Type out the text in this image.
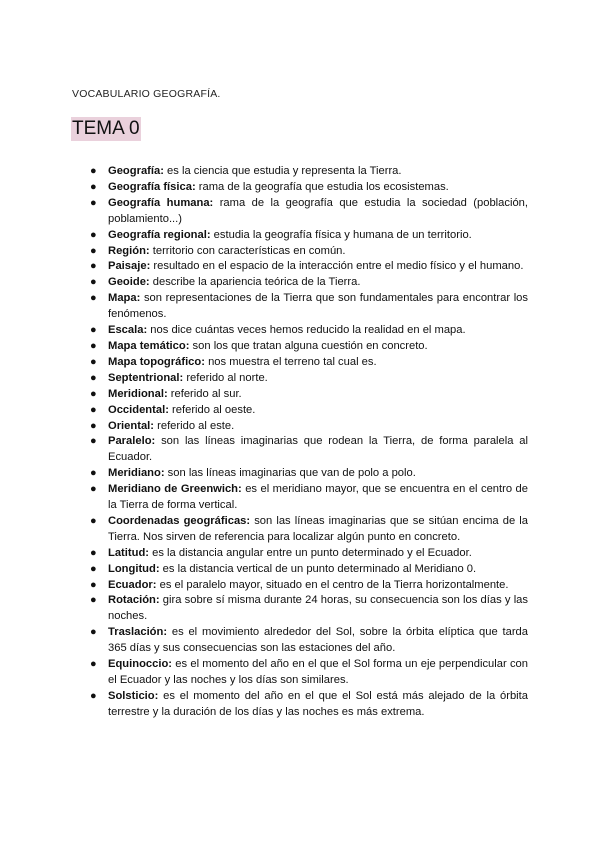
VOCABULARIO GEOGRAFÍA.
TEMA 0
● Geografía: es la ciencia que estudia y representa la Tierra.
● Geografía física: rama de la geografía que estudia los ecosistemas.
● Geografía humana: rama de la geografía que estudia la sociedad (población, poblamiento...)
● Geografía regional: estudia la geografía física y humana de un territorio.
● Región: territorio con características en común.
● Paisaje: resultado en el espacio de la interacción entre el medio físico y el humano.
● Geoide: describe la apariencia teórica de la Tierra.
● Mapa: son representaciones de la Tierra que son fundamentales para encontrar los fenómenos.
● Escala: nos dice cuántas veces hemos reducido la realidad en el mapa.
● Mapa temático: son los que tratan alguna cuestión en concreto.
● Mapa topográfico: nos muestra el terreno tal cual es.
● Septentrional: referido al norte.
● Meridional: referido al sur.
● Occidental: referido al oeste.
● Oriental: referido al este.
● Paralelo: son las líneas imaginarias que rodean la Tierra, de forma paralela al Ecuador.
● Meridiano: son las líneas imaginarias que van de polo a polo.
● Meridiano de Greenwich: es el meridiano mayor, que se encuentra en el centro de la Tierra de forma vertical.
● Coordenadas geográficas: son las líneas imaginarias que se sitúan encima de la Tierra. Nos sirven de referencia para localizar algún punto en concreto.
● Latitud: es la distancia angular entre un punto determinado y el Ecuador.
● Longitud: es la distancia vertical de un punto determinado al Meridiano 0.
● Ecuador: es el paralelo mayor, situado en el centro de la Tierra horizontalmente.
● Rotación: gira sobre sí misma durante 24 horas, su consecuencia son los días y las noches.
● Traslación: es el movimiento alrededor del Sol, sobre la órbita elíptica que tarda 365 días y sus consecuencias son las estaciones del año.
● Equinoccio: es el momento del año en el que el Sol forma un eje perpendicular con el Ecuador y las noches y los días son similares.
● Solsticio: es el momento del año en el que el Sol está más alejado de la órbita terrestre y la duración de los días y las noches es más extrema.
